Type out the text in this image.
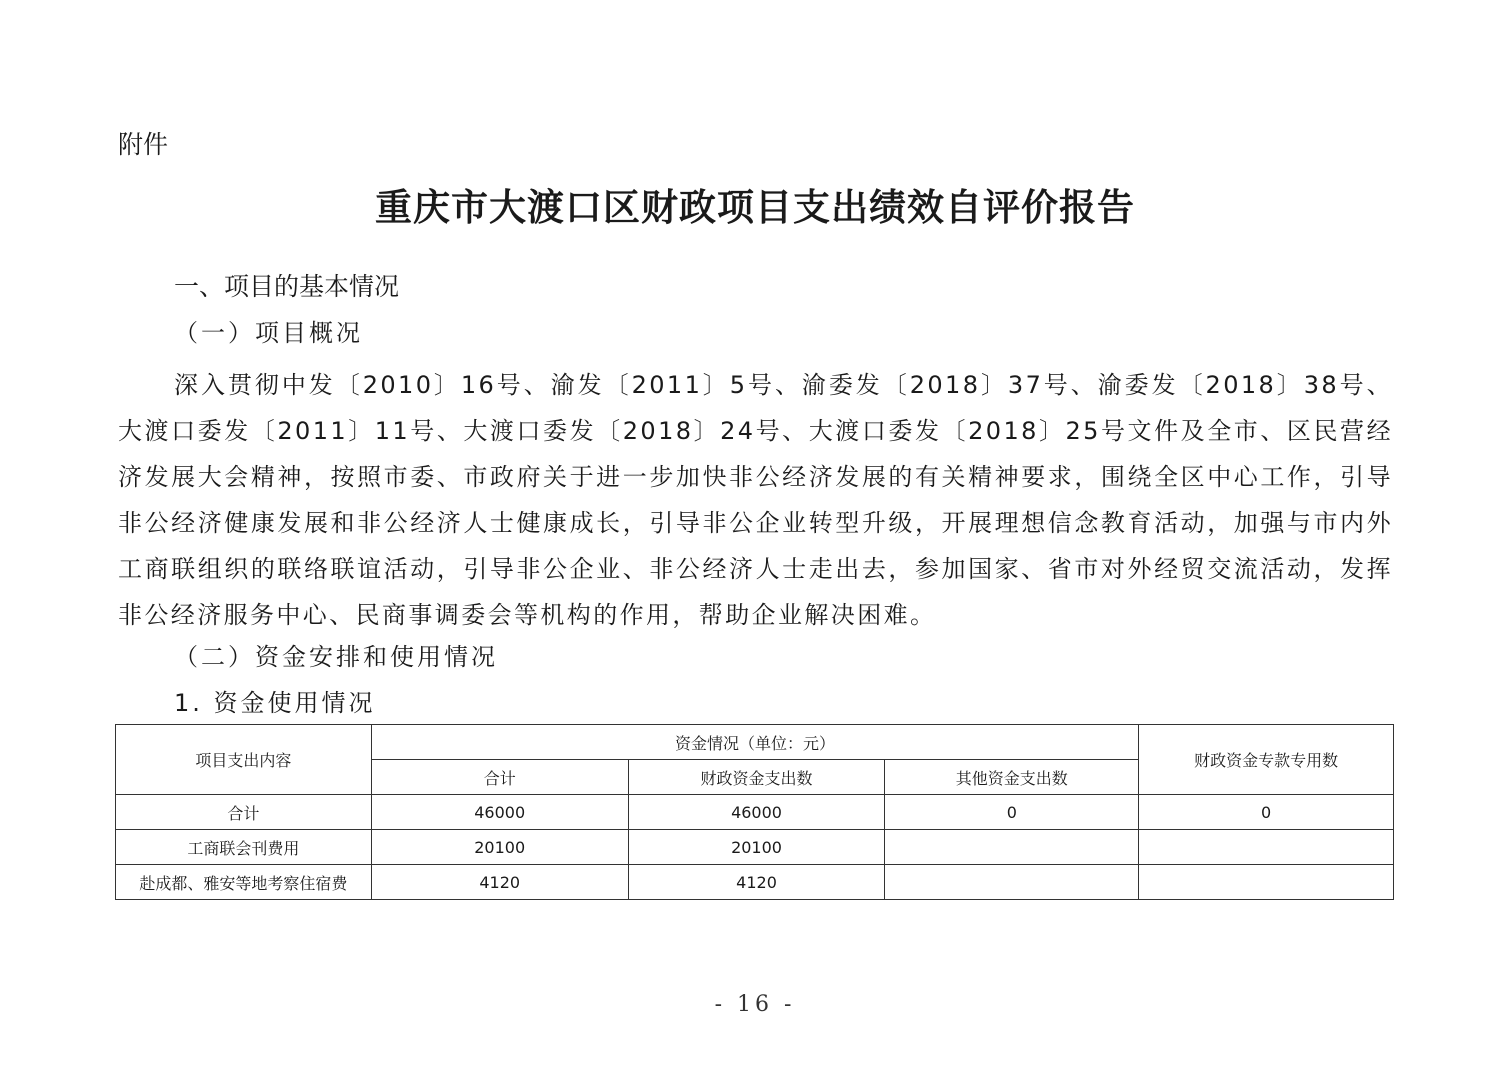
附件
重庆市大渡口区财政项目支出绩效自评价报告
一、项目的基本情况
（一）项目概况
深入贯彻中发〔2010〕16号、渝发〔2011〕5号、渝委发〔2018〕37号、渝委发〔2018〕38号、大渡口委发〔2011〕11号、大渡口委发〔2018〕24号、大渡口委发〔2018〕25号文件及全市、区民营经济发展大会精神，按照市委、市政府关于进一步加快非公经济发展的有关精神要求，围绕全区中心工作，引导非公经济健康发展和非公经济人士健康成长，引导非公企业转型升级，开展理想信念教育活动，加强与市内外工商联组织的联络联谊活动，引导非公企业、非公经济人士走出去，参加国家、省市对外经贸交流活动，发挥非公经济服务中心、民商事调委会等机构的作用，帮助企业解决困难。
（二）资金安排和使用情况
1. 资金使用情况
项目支出内容	资金情况（单位：元）			财政资金专款专用数
	合计	财政资金支出数	其他资金支出数	
合计	46000	46000	0	0
工商联会刊费用	20100	20100		
赴成都、雅安等地考察住宿费	4120	4120		
- 16 -
